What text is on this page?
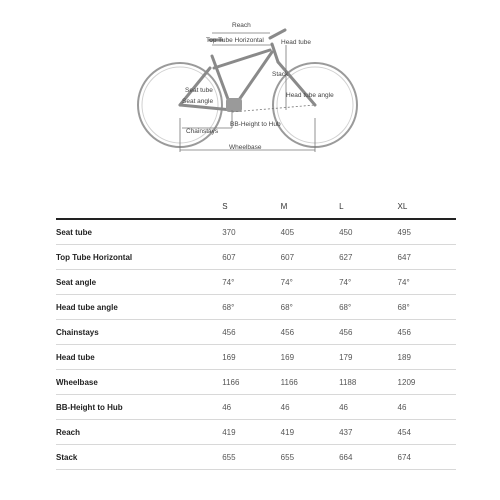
Reach
Top Tube Horizontal	Head tube
Stack
Seat tube
Seat angle
Head tube angle
Chainstays
BB-Height to Hub
Wheelbase
	S	M	L	XL
Seat tube	370	405	450	495
Top Tube Horizontal	607	607	627	647
Seat angle	74°	74°	74°	74°
Head tube angle	68°	68°	68°	68°
Chainstays	456	456	456	456
Head tube	169	169	179	189
Wheelbase	1166	1166	1188	1209
BB-Height to Hub	46	46	46	46
Reach	419	419	437	454
Stack	655	655	664	674
